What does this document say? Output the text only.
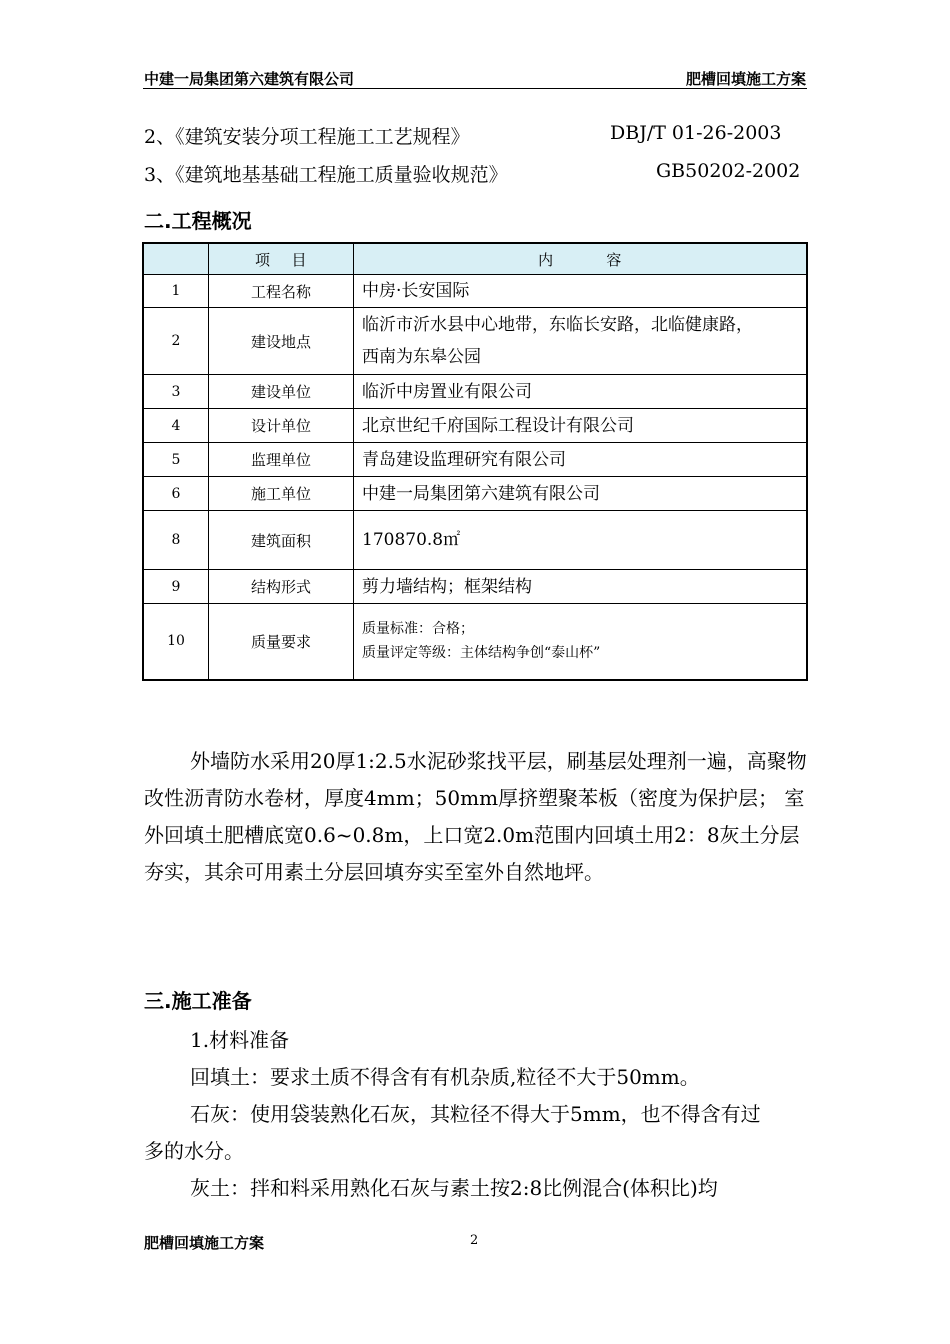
中建一局集团第六建筑有限公司	肥槽回填施工方案
2、《建筑安装分项工程施工工艺规程》	DBJ/T 01-26-2003
3、《建筑地基基础工程施工质量验收规范》	GB50202-2002
二.工程概况
	项    目	内          容
1	工程名称	中房·长安国际
2	建设地点	临沂市沂水县中心地带，东临长安路，北临健康路，西南为东皋公园
3	建设单位	临沂中房置业有限公司
4	设计单位	北京世纪千府国际工程设计有限公司
5	监理单位	青岛建设监理研究有限公司
6	施工单位	中建一局集团第六建筑有限公司
8	建筑面积	170870.8㎡
9	结构形式	剪力墙结构；框架结构
10	质量要求	质量标准：合格；
质量评定等级：主体结构争创“泰山杯”
外墙防水采用20厚1:2.5水泥砂浆找平层，刷基层处理剂一遍，高聚物改性沥青防水卷材，厚度4mm；50mm厚挤塑聚苯板（密度为保护层； 室外回填土肥槽底宽0.6~0.8m，上口宽2.0m范围内回填土用2：8灰土分层夯实，其余可用素土分层回填夯实至室外自然地坪。
三.施工准备
1.材料准备
回填土：要求土质不得含有有机杂质,粒径不大于50mm。
石灰：使用袋装熟化石灰，其粒径不得大于5mm，也不得含有过
多的水分。
灰土：拌和料采用熟化石灰与素土按2:8比例混合(体积比)均
肥槽回填施工方案	2
